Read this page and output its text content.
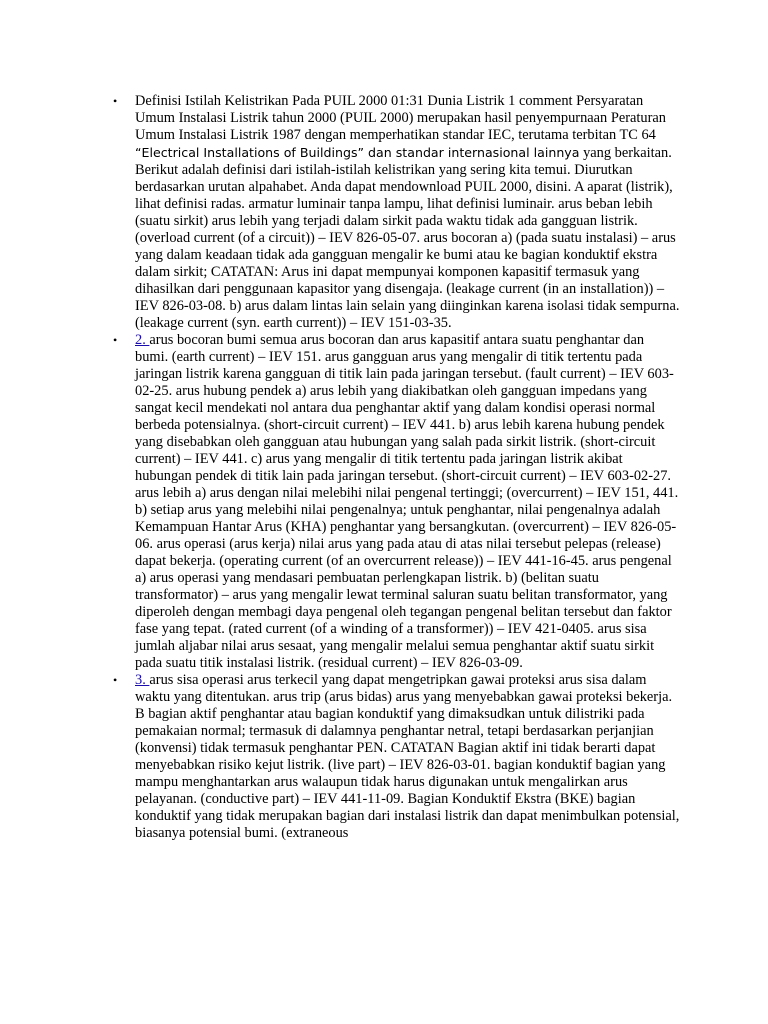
• Definisi Istilah Kelistrikan Pada PUIL 2000 01:31 Dunia Listrik 1 comment Persyaratan Umum Instalasi Listrik tahun 2000 (PUIL 2000) merupakan hasil penyempurnaan Peraturan Umum Instalasi Listrik 1987 dengan memperhatikan standar IEC, terutama terbitan TC 64 “Electrical Installations of Buildings” dan standar internasional lainnya yang berkaitan. Berikut adalah definisi dari istilah-istilah kelistrikan yang sering kita temui. Diurutkan berdasarkan urutan alpahabet. Anda dapat mendownload PUIL 2000, disini. A aparat (listrik), lihat definisi radas. armatur luminair tanpa lampu, lihat definisi luminair. arus beban lebih (suatu sirkit) arus lebih yang terjadi dalam sirkit pada waktu tidak ada gangguan listrik. (overload current (of a circuit)) – IEV 826-05-07. arus bocoran a) (pada suatu instalasi) – arus yang dalam keadaan tidak ada gangguan mengalir ke bumi atau ke bagian konduktif ekstra dalam sirkit; CATATAN: Arus ini dapat mempunyai komponen kapasitif termasuk yang dihasilkan dari penggunaan kapasitor yang disengaja. (leakage current (in an installation)) – IEV 826-03-08. b) arus dalam lintas lain selain yang diinginkan karena isolasi tidak sempurna. (leakage current (syn. earth current)) – IEV 151-03-35.
• 2. arus bocoran bumi semua arus bocoran dan arus kapasitif antara suatu penghantar dan bumi. (earth current) – IEV 151. arus gangguan arus yang mengalir di titik tertentu pada jaringan listrik karena gangguan di titik lain pada jaringan tersebut. (fault current) – IEV 603-02-25. arus hubung pendek a) arus lebih yang diakibatkan oleh gangguan impedans yang sangat kecil mendekati nol antara dua penghantar aktif yang dalam kondisi operasi normal berbeda potensialnya. (short-circuit current) – IEV 441. b) arus lebih karena hubung pendek yang disebabkan oleh gangguan atau hubungan yang salah pada sirkit listrik. (short-circuit current) – IEV 441. c) arus yang mengalir di titik tertentu pada jaringan listrik akibat hubungan pendek di titik lain pada jaringan tersebut. (short-circuit current) – IEV 603-02-27. arus lebih a) arus dengan nilai melebihi nilai pengenal tertinggi; (overcurrent) – IEV 151, 441. b) setiap arus yang melebihi nilai pengenalnya; untuk penghantar, nilai pengenalnya adalah Kemampuan Hantar Arus (KHA) penghantar yang bersangkutan. (overcurrent) – IEV 826-05-06. arus operasi (arus kerja) nilai arus yang pada atau di atas nilai tersebut pelepas (release) dapat bekerja. (operating current (of an overcurrent release)) – IEV 441-16-45. arus pengenal a) arus operasi yang mendasari pembuatan perlengkapan listrik. b) (belitan suatu transformator) – arus yang mengalir lewat terminal saluran suatu belitan transformator, yang diperoleh dengan membagi daya pengenal oleh tegangan pengenal belitan tersebut dan faktor fase yang tepat. (rated current (of a winding of a transformer)) – IEV 421-0405. arus sisa jumlah aljabar nilai arus sesaat, yang mengalir melalui semua penghantar aktif suatu sirkit pada suatu titik instalasi listrik. (residual current) – IEV 826-03-09.
• 3. arus sisa operasi arus terkecil yang dapat mengetripkan gawai proteksi arus sisa dalam waktu yang ditentukan. arus trip (arus bidas) arus yang menyebabkan gawai proteksi bekerja. B bagian aktif penghantar atau bagian konduktif yang dimaksudkan untuk dilistriki pada pemakaian normal; termasuk di dalamnya penghantar netral, tetapi berdasarkan perjanjian (konvensi) tidak termasuk penghantar PEN. CATATAN Bagian aktif ini tidak berarti dapat menyebabkan risiko kejut listrik. (live part) – IEV 826-03-01. bagian konduktif bagian yang mampu menghantarkan arus walaupun tidak harus digunakan untuk mengalirkan arus pelayanan. (conductive part) – IEV 441-11-09. Bagian Konduktif Ekstra (BKE) bagian konduktif yang tidak merupakan bagian dari instalasi listrik dan dapat menimbulkan potensial, biasanya potensial bumi. (extraneous
